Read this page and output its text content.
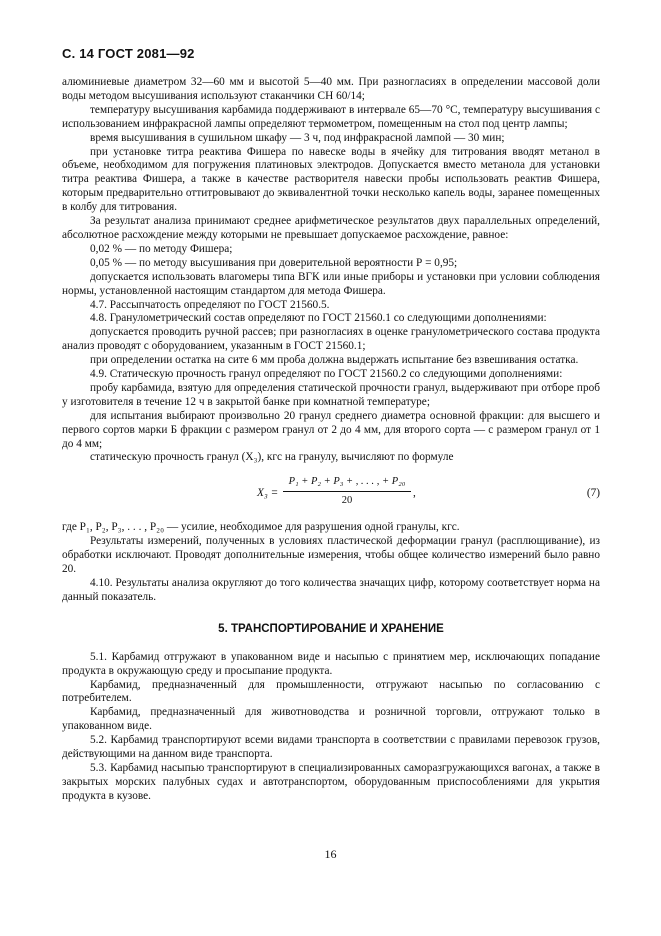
С. 14 ГОСТ 2081—92

алюминиевые диаметром 32—60 мм и высотой 5—40 мм. При разногласиях в определении массовой доли воды методом высушивания используют стаканчики СН 60/14;

температуру высушивания карбамида поддерживают в интервале 65—70 °С, температуру высушивания с использованием инфракрасной лампы определяют термометром, помещенным на стол под центр лампы;

время высушивания в сушильном шкафу — 3 ч, под инфракрасной лампой — 30 мин;

при установке титра реактива Фишера по навеске воды в ячейку для титрования вводят метанол в объеме, необходимом для погружения платиновых электродов. Допускается вместо метанола для установки титра реактива Фишера, а также в качестве растворителя навески пробы использовать реактив Фишера, которым предварительно оттитровывают до эквивалентной точки несколько капель воды, заранее помещенных в колбу для титрования.

За результат анализа принимают среднее арифметическое результатов двух параллельных определений, абсолютное расхождение между которыми не превышает допускаемое расхождение, равное:

0,02 % — по методу Фишера;

0,05 % — по методу высушивания при доверительной вероятности Р = 0,95;

допускается использовать влагомеры типа ВГК или иные приборы и установки при условии соблюдения нормы, установленной настоящим стандартом для метода Фишера.

4.7. Рассыпчатость определяют по ГОСТ 21560.5.

4.8. Гранулометрический состав определяют по ГОСТ 21560.1 со следующими дополнениями:

допускается проводить ручной рассев; при разногласиях в оценке гранулометрического состава продукта анализ проводят с оборудованием, указанным в ГОСТ 21560.1;

при определении остатка на сите 6 мм проба должна выдержать испытание без взвешивания остатка.

4.9. Статическую прочность гранул определяют по ГОСТ 21560.2 со следующими дополнениями:

пробу карбамида, взятую для определения статической прочности гранул, выдерживают при отборе проб у изготовителя в течение 12 ч в закрытой банке при комнатной температуре;

для испытания выбирают произвольно 20 гранул среднего диаметра основной фракции: для высшего и первого сортов марки Б фракции с размером гранул от 2 до 4 мм, для второго сорта — с размером гранул от 1 до 4 мм;

статическую прочность гранул (X₃), кгс на гранулу, вычисляют по формуле

$X_3 = \frac{\text{P₁ + P₂ + P₃ + , . . . , + P₂₀}}{20}$ ,	(7)

где P₁, P₂, P₃, . . . , P₂₀ — усилие, необходимое для разрушения одной гранулы, кгс.

Результаты измерений, полученных в условиях пластической деформации гранул (расплющивание), из обработки исключают. Проводят дополнительные измерения, чтобы общее количество измерений было равно 20.

4.10. Результаты анализа округляют до того количества значащих цифр, которому соответствует норма на данный показатель.

5. ТРАНСПОРТИРОВАНИЕ И ХРАНЕНИЕ

5.1. Карбамид отгружают в упакованном виде и насыпью с принятием мер, исключающих попадание продукта в окружающую среду и просыпание продукта.

Карбамид, предназначенный для промышленности, отгружают насыпью по согласованию с потребителем.

Карбамид, предназначенный для животноводства и розничной торговли, отгружают только в упакованном виде.

5.2. Карбамид транспортируют всеми видами транспорта в соответствии с правилами перевозок грузов, действующими на данном виде транспорта.

5.3. Карбамид насыпью транспортируют в специализированных саморазгружающихся вагонах, а также в закрытых морских палубных судах и автотранспортом, оборудованным приспособлениями для укрытия продукта в кузове.

16
